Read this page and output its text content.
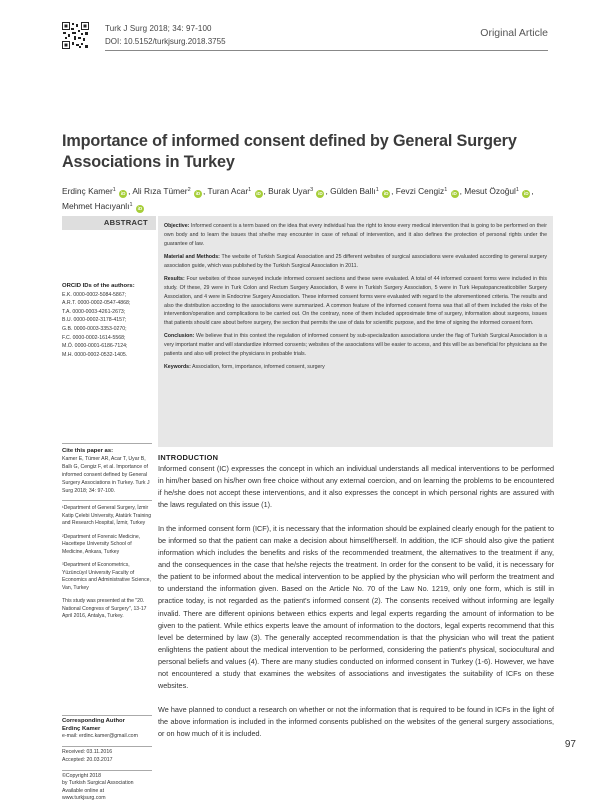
Turk J Surg 2018; 34: 97-100
DOI: 10.5152/turkjsurg.2018.3755
Original Article
Importance of informed consent defined by General Surgery Associations in Turkey
Erdinç Kamer$^1$ iD , Ali Rıza Tümer$^2$ iD , Turan Acar$^1$ iD , Burak Uyar$^3$ iD , Gülden Ballı$^1$ iD , Fevzi Cengiz$^1$ iD , Mesut Özoğul$^1$ iD , Mehmet Hacıyanlı$^1$ iD
ABSTRACT	Objective: Informed consent is a term based on the idea that every individual has the right to know every medical intervention that is going to be performed on their own body and to learn the issues that she/he may encounter in case of refusal of intervention, and it also defines the protection of personal rights under the guarantee of law.

Material and Methods: The website of Turkish Surgical Association and 25 different websites of surgical associations were evaluated according to general surgery association guide, which was published by the Turkish Surgical Association in 2011.

Results: Four websites of those surveyed include informed consent sections and these were evaluated. A total of 44 informed consent forms were included in this study. Of these, 29 were in Turk Colon and Rectum Surgery Association, 8 were in Turkish Surgery Association, 5 were in Turk Hepatopancreaticobilier Surgery Association, and 4 were in Endocrine Surgery Association. These informed consent forms were evaluated with regard to the aforementioned criteria. The results and also the distribution according to the associations were summarized. A common feature of the informed consent forms was that all of them included the risks of the intervention/operation and complications to be carried out. On the contrary, none of them included approximate time of surgery, information about surgeons, issues that patients should care about before surgery, the section that permits the use of data for scientific purpose, and the time of signing the informed consent form.

Conclusion: We believe that in this context the regulation of informed consent by sub-specialization associations under the flag of Turkish Surgical Association is a very important matter and will standardize informed consents; websites of the associations will be easier to access, and this will be as beneficial for physicians as the patients and also will protect the physicians in probable trials.

Keywords: Association, form, importance, informed consent, surgery

ORCID IDs of the authors:
E.K. 0000-0002-5084-5867;
A.R.T. 0000-0002-0547-4868;
T.A. 0000-0003-4261-2673;
B.U. 0000-0002-3178-4157;
G.B. 0000-0003-3353-0270;
F.C. 0000-0002-1614-5568;
M.Ö. 0000-0001-6186-7124;
M.H. 0000-0002-0532-1405.
Cite this paper as:
Kamer E, Tümer AR, Acar T, Uyar B, Ballı G, Cengiz F, et al. Importance of informed consent defined by General Surgery Associations in Turkey. Turk J Surg 2018; 34: 97-100.

¹Department of General Surgery, İzmir Katip Çelebi University, Atatürk Training and Research Hospital, İzmir, Turkey

²Department of Forensic Medicine, Hacettepe University School of Medicine, Ankara, Turkey

³Department of Econometrics, Yüzüncüyıl University Faculty of Economics and Administrative Science, Van, Turkey

This study was presented at the "20. National Congress of Surgery", 13-17 April 2016, Antalya, Turkey.

Corresponding Author
Erdinç Kamer
e-mail: erdinc.kamer@gmail.com
Received: 03.11.2016
Accepted: 20.03.2017
©Copyright 2018
by Turkish Surgical Association
Available online at
www.turkjsurg.com
INTRODUCTION

Informed consent (IC) expresses the concept in which an individual understands all medical interventions to be performed in him/her based on his/her own free choice without any external coercion, and on learning the problems to be encountered if he/she does not accept these interventions, and it also expresses the concept in which personal rights are assured with the laws regulated on this issue (1).

In the informed consent form (ICF), it is necessary that the information should be explained clearly enough for the patient to be informed so that the patient can make a decision about himself/herself. In addition, the ICF should also give the patient information which includes the benefits and risks of the recommended treatment, the alternatives to the treatment if any, and the consequences in the case that he/she rejects the treatment. In order for the consent to be valid, it is necessary for the patient to be informed about the medical intervention to be applied by the physician who will perform the treatment and to understand the information given. Based on the Article No. 70 of the Law No. 1219, only one form, which is still in practice today, is not regarded as the patient's informed consent (2). The consents received without informing are legally invalid. There are different opinions between ethics experts and legal experts regarding the amount of information to be given to the patient. While ethics experts leave the amount of information to the doctors, legal experts recommend that this level be determined by law (3). The generally accepted recommendation is that the physician who will treat the patient enlightens the patient about the medical intervention to be performed, considering the patient's physical, sociocultural and personal beliefs and values (4). There are many studies conducted on informed consent in Turkey (1-6). However, we have not encountered a study that examines the websites of associations and investigates the suitability of ICFs on these websites.

We have planned to conduct a research on whether or not the information that is required to be found in ICFs in the light of the above information is included in the informed consents published on the websites of the general surgery associations, or on how much of it is included.

97
